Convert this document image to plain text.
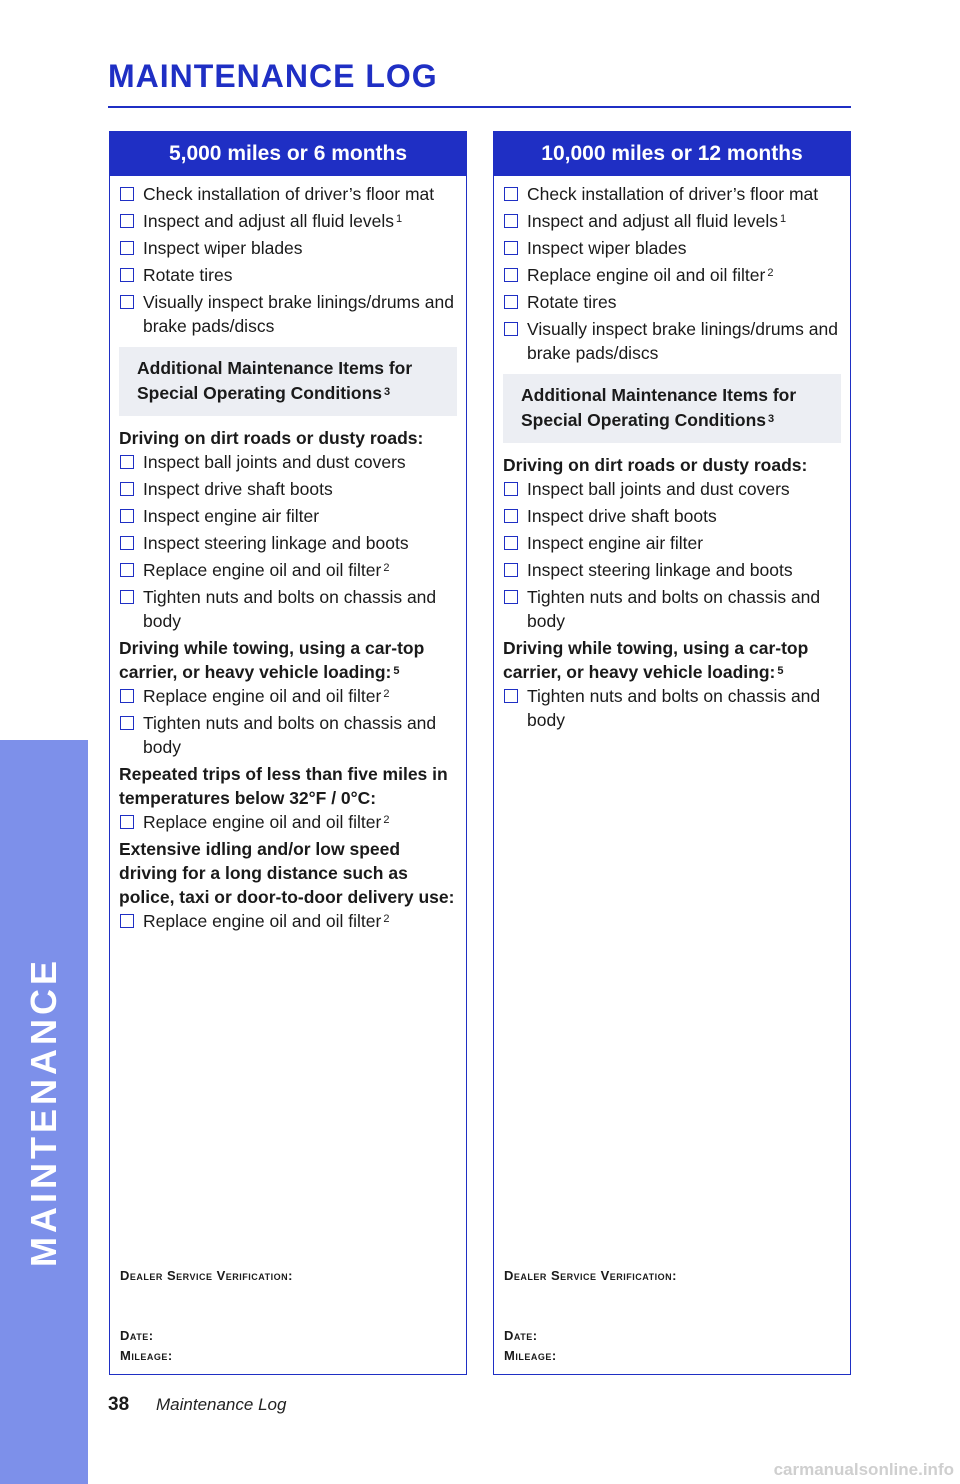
MAINTENANCE
MAINTENANCE LOG
5,000 miles or 6 months
Check installation of driver’s floor mat
Inspect and adjust all fluid levels $^1$
Inspect wiper blades
Rotate tires
Visually inspect brake linings/drums and brake pads/discs
Additional Maintenance Items for
Special Operating Conditions $^3$
Driving on dirt roads or dusty roads:
Inspect ball joints and dust covers
Inspect drive shaft boots
Inspect engine air filter
Inspect steering linkage and boots
Replace engine oil and oil filter $^2$
Tighten nuts and bolts on chassis and body
Driving while towing, using a car-top carrier, or heavy vehicle loading: $^5$
Replace engine oil and oil filter $^2$
Tighten nuts and bolts on chassis and body
Repeated trips of less than five miles in temperatures below 32°F / 0°C:
Replace engine oil and oil filter $^2$
Extensive idling and/or low speed driving for a long distance such as police, taxi or door-to-door delivery use:
Replace engine oil and oil filter $^2$
Dealer Service Verification:
Date:
Mileage:
10,000 miles or 12 months
Check installation of driver’s floor mat
Inspect and adjust all fluid levels $^1$
Inspect wiper blades
Replace engine oil and oil filter $^2$
Rotate tires
Visually inspect brake linings/drums and brake pads/discs
Additional Maintenance Items for
Special Operating Conditions $^3$
Driving on dirt roads or dusty roads:
Inspect ball joints and dust covers
Inspect drive shaft boots
Inspect engine air filter
Inspect steering linkage and boots
Tighten nuts and bolts on chassis and body
Driving while towing, using a car-top carrier, or heavy vehicle loading: $^5$
Tighten nuts and bolts on chassis and body
Dealer Service Verification:
Date:
Mileage:
38 Maintenance Log
carmanualsonline.info
